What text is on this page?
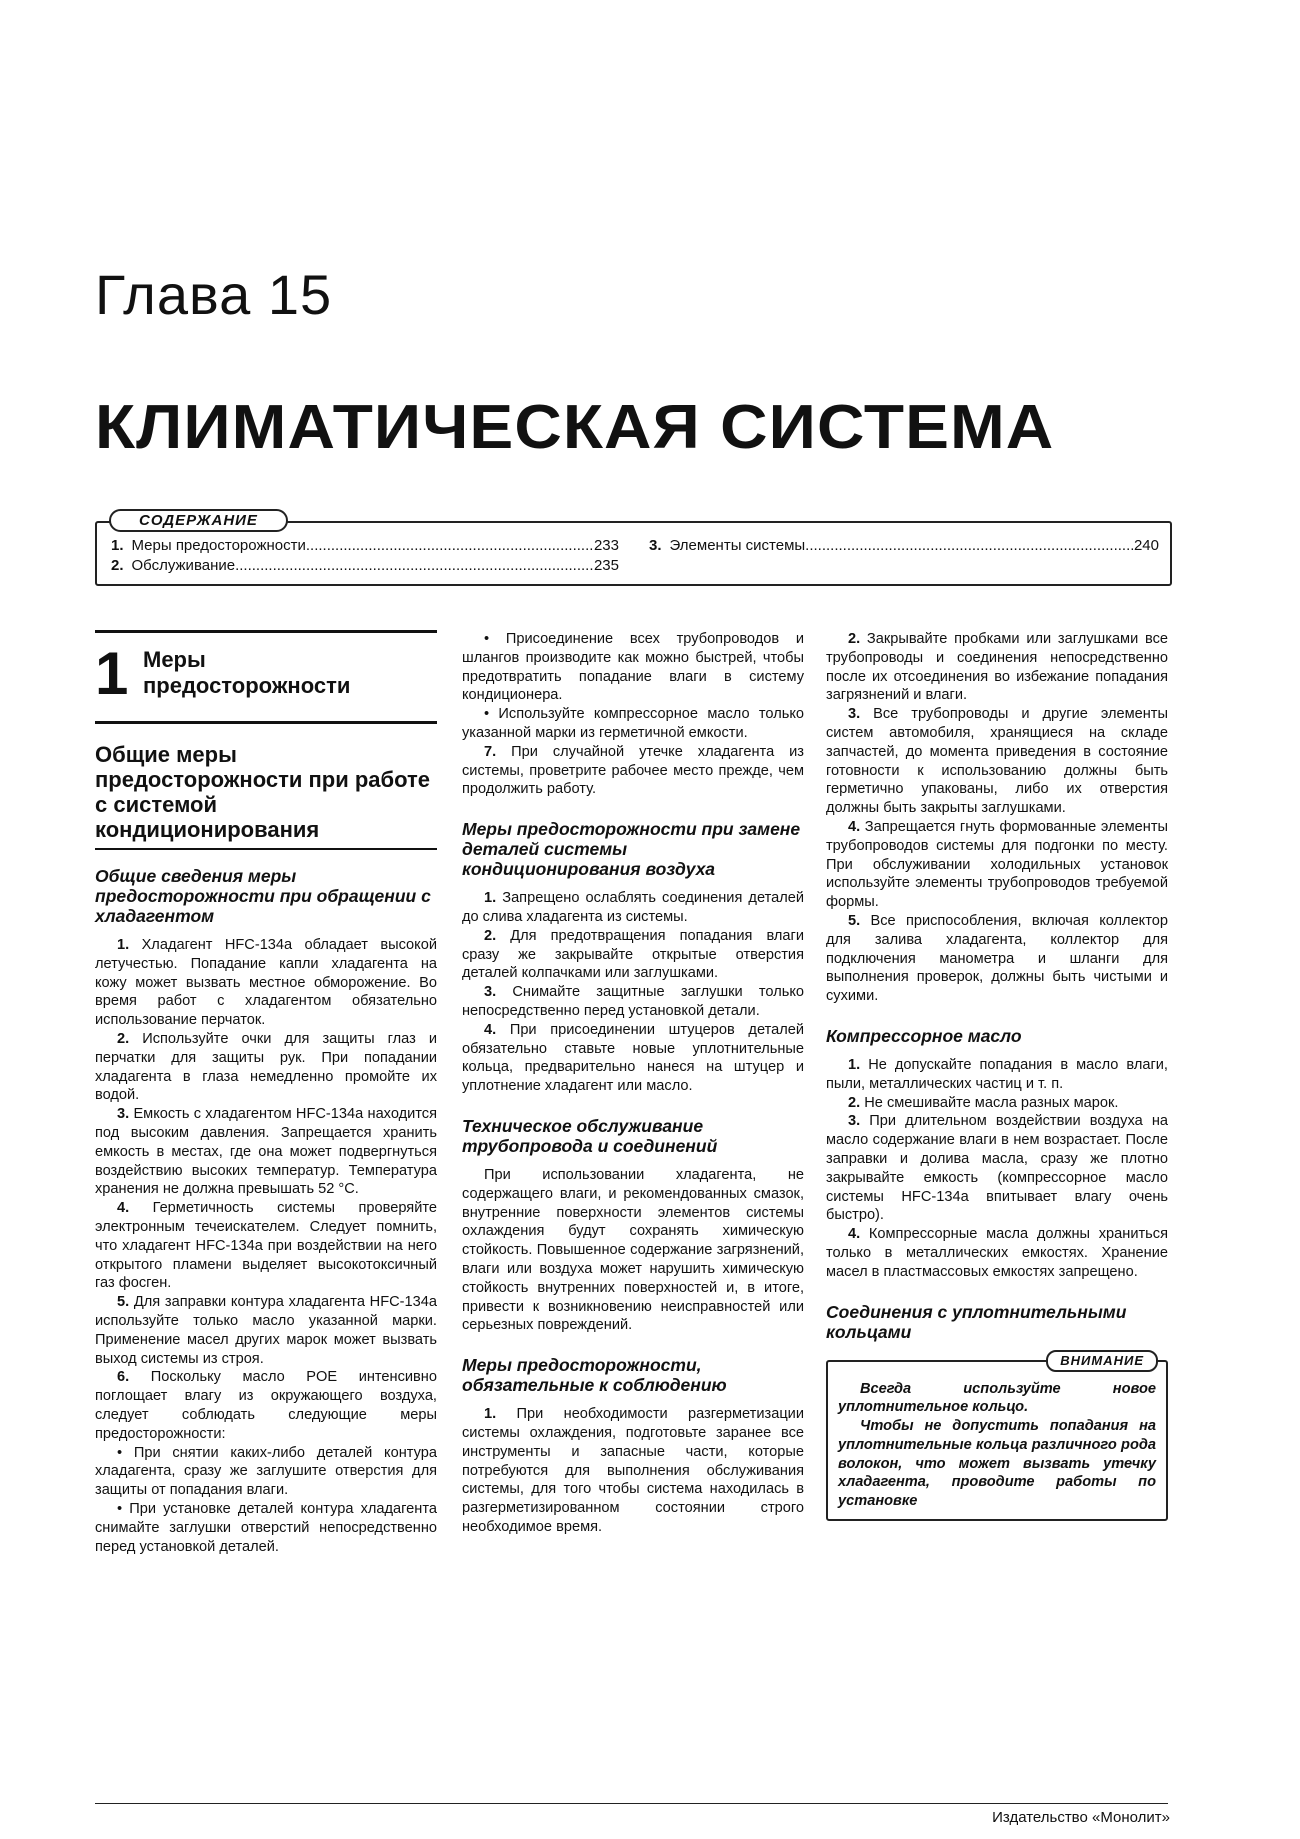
Глава 15
КЛИМАТИЧЕСКАЯ СИСТЕМА
СОДЕРЖАНИЕ
1. Меры предосторожности .....	233
2. Обслуживание .....	235
3. Элементы системы .....	240
1 Меры
предосторожности
Общие меры предосторожности при работе с системой кондиционирования
Общие сведения меры предосторожности при обращении с хладагентом

1. Хладагент HFC-134a обладает высокой летучестью. Попадание капли хладагента на кожу может вызвать местное обморожение. Во время работ с хладагентом обязательно использование перчаток.

2. Используйте очки для защиты глаз и перчатки для защиты рук. При попадании хладагента в глаза немедленно промойте их водой.

3. Емкость с хладагентом HFC-134a находится под высоким давления. Запрещается хранить емкость в местах, где она может подвергнуться воздействию высоких температур. Температура хранения не должна превышать 52 °С.

4. Герметичность системы проверяйте электронным течеискателем. Следует помнить, что хладагент HFC-134a при воздействии на него открытого пламени выделяет высокотоксичный газ фосген.

5. Для заправки контура хладагента HFC-134a используйте только масло указанной марки. Применение масел других марок может вызвать выход системы из строя.

6. Поскольку масло POE интенсивно поглощает влагу из окружающего воздуха, следует соблюдать следующие меры предосторожности:

• При снятии каких-либо деталей контура хладагента, сразу же заглушите отверстия для защиты от попадания влаги.

• При установке деталей контура хладагента снимайте заглушки отверстий непосредственно перед установкой деталей.

• Присоединение всех трубопроводов и шлангов производите как можно быстрей, чтобы предотвратить попадание влаги в систему кондиционера.

• Используйте компрессорное масло только указанной марки из герметичной емкости.

7. При случайной утечке хладагента из системы, проветрите рабочее место прежде, чем продолжить работу.

Меры предосторожности при замене деталей системы кондиционирования воздуха

1. Запрещено ослаблять соединения деталей до слива хладагента из системы.

2. Для предотвращения попадания влаги сразу же закрывайте открытые отверстия деталей колпачками или заглушками.

3. Снимайте защитные заглушки только непосредственно перед установкой детали.

4. При присоединении штуцеров деталей обязательно ставьте новые уплотнительные кольца, предварительно нанеся на штуцер и уплотнение хладагент или масло.

Техническое обслуживание трубопровода и соединений

При использовании хладагента, не содержащего влаги, и рекомендованных смазок, внутренние поверхности элементов системы охлаждения будут сохранять химическую стойкость. Повышенное содержание загрязнений, влаги или воздуха может нарушить химическую стойкость внутренних поверхностей и, в итоге, привести к возникновению неисправностей или серьезных повреждений.

Меры предосторожности, обязательные к соблюдению

1. При необходимости разгерметизации системы охлаждения, подготовьте заранее все инструменты и запасные части, которые потребуются для выполнения обслуживания системы, для того чтобы система находилась в разгерметизированном состоянии строго необходимое время.

2. Закрывайте пробками или заглушками все трубопроводы и соединения непосредственно после их отсоединения во избежание попадания загрязнений и влаги.

3. Все трубопроводы и другие элементы систем автомобиля, хранящиеся на складе запчастей, до момента приведения в состояние готовности к использованию должны быть герметично упакованы, либо их отверстия должны быть закрыты заглушками.

4. Запрещается гнуть формованные элементы трубопроводов системы для подгонки по месту. При обслуживании холодильных установок используйте элементы трубопроводов требуемой формы.

5. Все приспособления, включая коллектор для залива хладагента, коллектор для подключения манометра и шланги для выполнения проверок, должны быть чистыми и сухими.

Компрессорное масло

1. Не допускайте попадания в масло влаги, пыли, металлических частиц и т. п.

2. Не смешивайте масла разных марок.

3. При длительном воздействии воздуха на масло содержание влаги в нем возрастает. После заправки и долива масла, сразу же плотно закрывайте емкость (компрессорное масло системы HFC-134a впитывает влагу очень быстро).

4. Компрессорные масла должны храниться только в металлических емкостях. Хранение масел в пластмассовых емкостях запрещено.

Соединения с уплотнительными кольцами
ВНИМАНИЕ

Всегда используйте новое уплотнительное кольцо.

Чтобы не допустить попадания на уплотнительные кольца различного рода волокон, что может вызвать утечку хладагента, проводите работы по установке

Издательство «Монолит»
